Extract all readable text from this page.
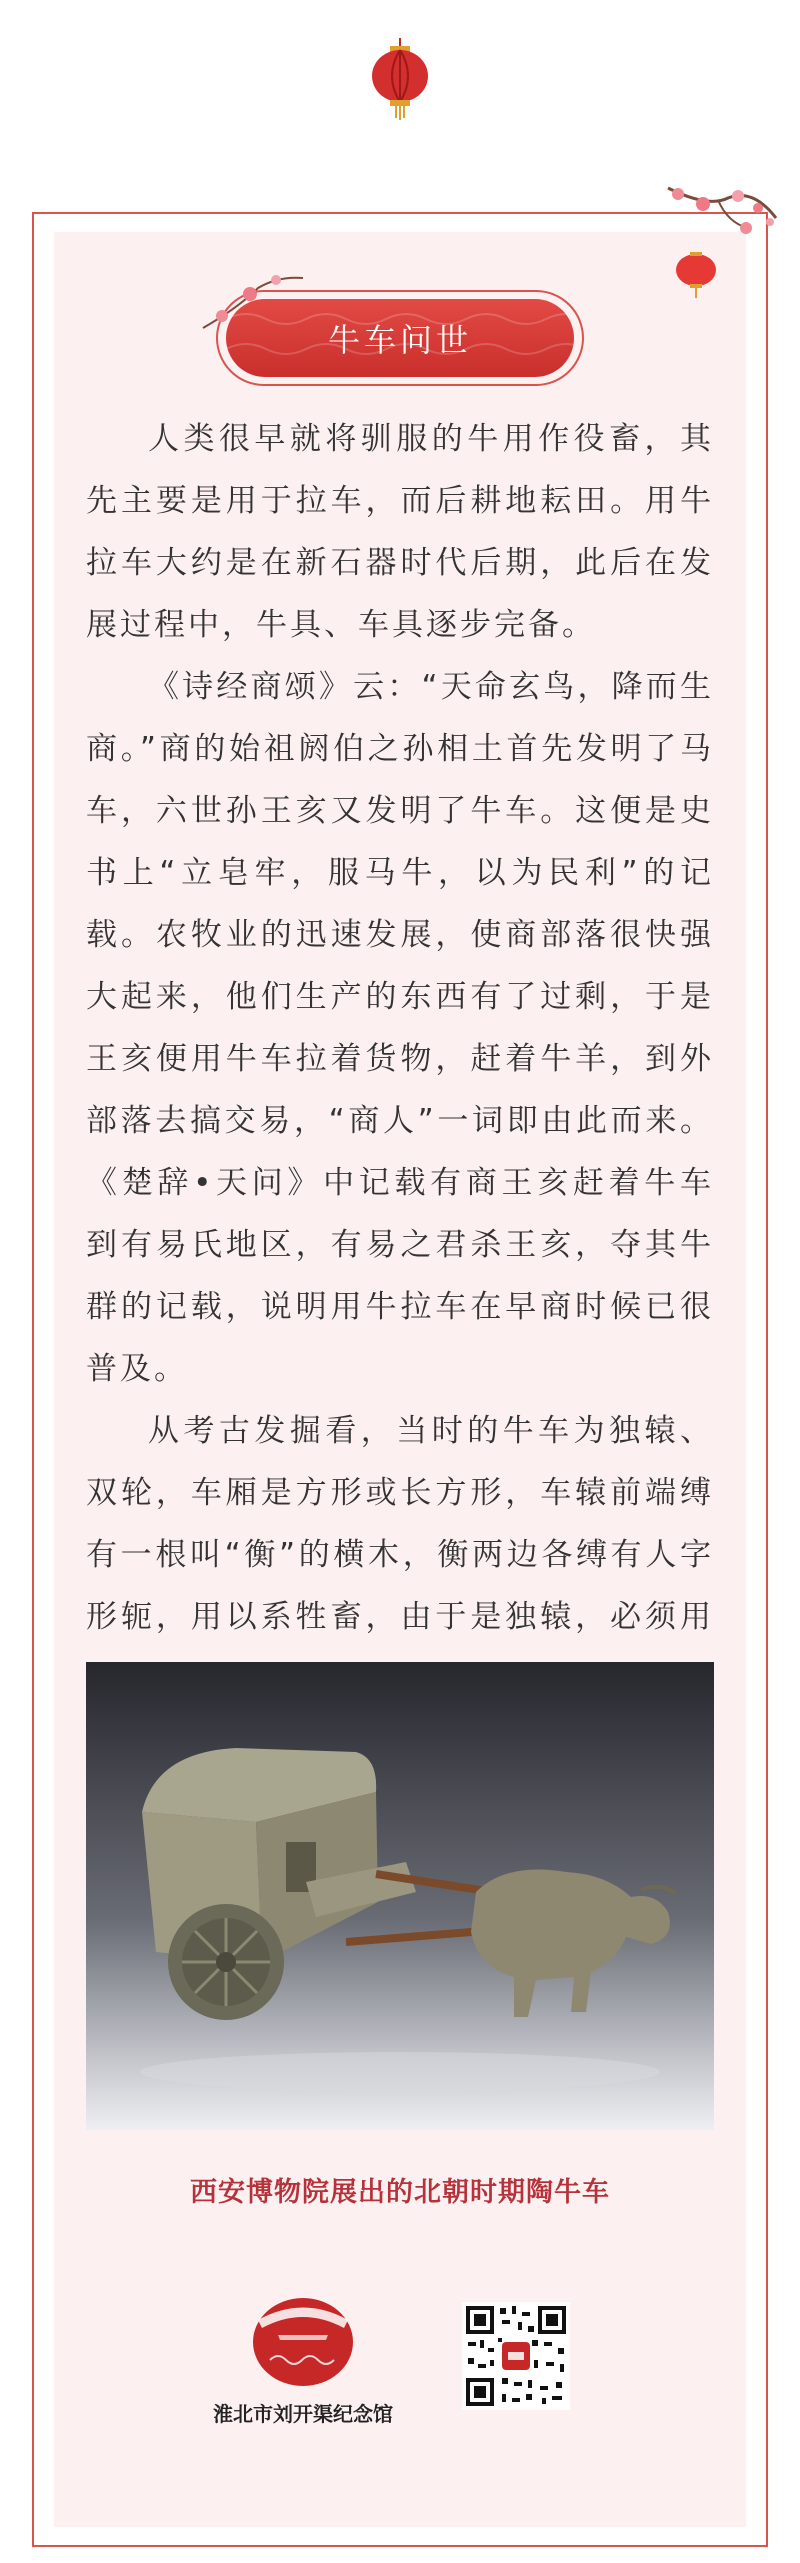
牛车问世

人类很早就将驯服的牛用作役畜，其先主要是用于拉车，而后耕地耘田。用牛拉车大约是在新石器时代后期，此后在发展过程中，牛具、车具逐步完备。

《诗经商颂》云：“天命玄鸟，降而生商。”商的始祖阏伯之孙相土首先发明了马车，六世孙王亥又发明了牛车。这便是史书上“立皂牢，服马牛，以为民利”的记载。农牧业的迅速发展，使商部落很快强大起来，他们生产的东西有了过剩，于是王亥便用牛车拉着货物，赶着牛羊，到外部落去搞交易，“商人”一词即由此而来。《楚辞•天问》中记载有商王亥赶着牛车到有易氏地区，有易之君杀王亥，夺其牛群的记载，说明用牛拉车在早商时候已很普及。

从考古发掘看，当时的牛车为独辕、双轮，车厢是方形或长方形，车辕前端缚有一根叫“衡”的横木，衡两边各缚有人字形轭，用以系牲畜，由于是独辕，必须用

西安博物院展出的北朝时期陶牛车
淮北市刘开渠纪念馆
